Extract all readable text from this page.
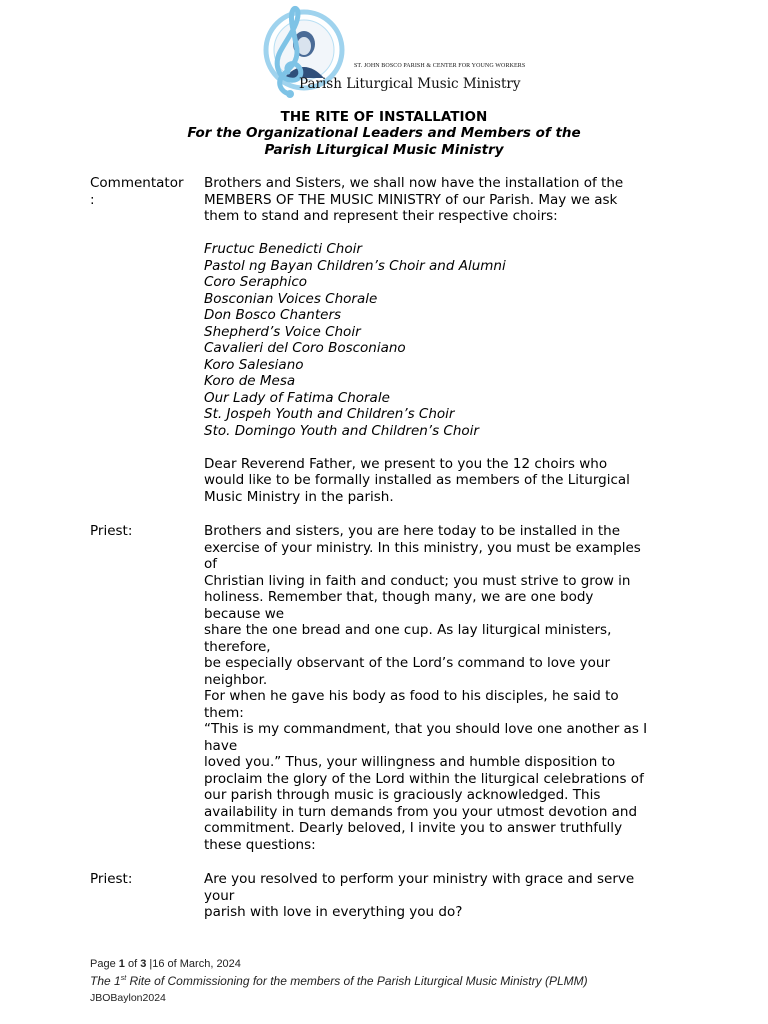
ST. JOHN BOSCO PARISH & CENTER FOR YOUNG WORKERS
Parish Liturgical Music Ministry
THE RITE OF INSTALLATION
For the Organizational Leaders and Members of the
Parish Liturgical Music Ministry
Commentator
:
Brothers and Sisters, we shall now have the installation of the
MEMBERS OF THE MUSIC MINISTRY of our Parish. May we ask
them to stand and represent their respective choirs:
Fructuc Benedicti Choir
Pastol ng Bayan Children’s Choir and Alumni
Coro Seraphico
Bosconian Voices Chorale
Don Bosco Chanters
Shepherd’s Voice Choir
Cavalieri del Coro Bosconiano
Koro Salesiano
Koro de Mesa
Our Lady of Fatima Chorale
St. Jospeh Youth and Children’s Choir
Sto. Domingo Youth and Children’s Choir
Dear Reverend Father, we present to you the 12 choirs who
would like to be formally installed as members of the Liturgical
Music Ministry in the parish.
Priest:	Brothers and sisters, you are here today to be installed in the
exercise of your ministry. In this ministry, you must be examples
of
Christian living in faith and conduct; you must strive to grow in
holiness. Remember that, though many, we are one body
because we
share the one bread and one cup. As lay liturgical ministers,
therefore,
be especially observant of the Lord’s command to love your
neighbor.
For when he gave his body as food to his disciples, he said to
them:
“This is my commandment, that you should love one another as I
have
loved you.” Thus, your willingness and humble disposition to
proclaim the glory of the Lord within the liturgical celebrations of
our parish through music is graciously acknowledged. This
availability in turn demands from you your utmost devotion and
commitment. Dearly beloved, I invite you to answer truthfully
these questions:
Priest:	Are you resolved to perform your ministry with grace and serve
your
parish with love in everything you do?
Page 1 of 3 |16 of March, 2024
The 1st Rite of Commissioning for the members of the Parish Liturgical Music Ministry (PLMM)
JBOBaylon2024
